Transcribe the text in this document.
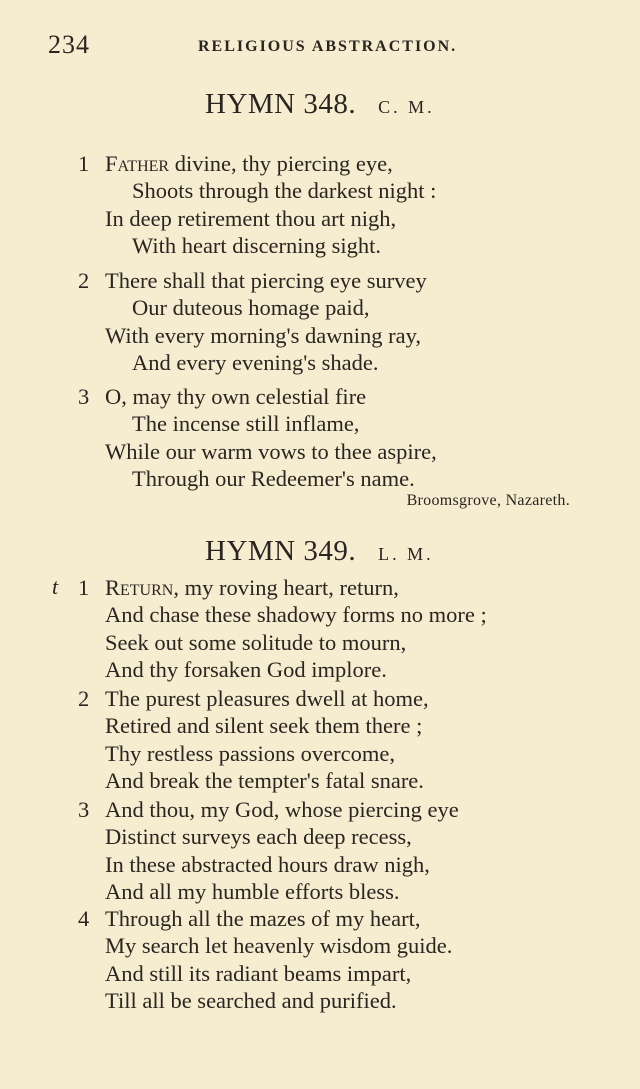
234	RELIGIOUS ABSTRACTION.
HYMN 348. C. M.
1 Father divine, thy piercing eye,
Shoots through the darkest night :
In deep retirement thou art nigh,
With heart discerning sight.
2 There shall that piercing eye survey
Our duteous homage paid,
With every morning's dawning ray,
And every evening's shade.
3 O, may thy own celestial fire
The incense still inflame,
While our warm vows to thee aspire,
Through our Redeemer's name.
Broomsgrove, Nazareth.
HYMN 349. L. M.
t 1 Return, my roving heart, return,
And chase these shadowy forms no more ;
Seek out some solitude to mourn,
And thy forsaken God implore.
2 The purest pleasures dwell at home,
Retired and silent seek them there ;
Thy restless passions overcome,
And break the tempter's fatal snare.
3 And thou, my God, whose piercing eye
Distinct surveys each deep recess,
In these abstracted hours draw nigh,
And all my humble efforts bless.
4 Through all the mazes of my heart,
My search let heavenly wisdom guide.
And still its radiant beams impart,
Till all be searched and purified.
